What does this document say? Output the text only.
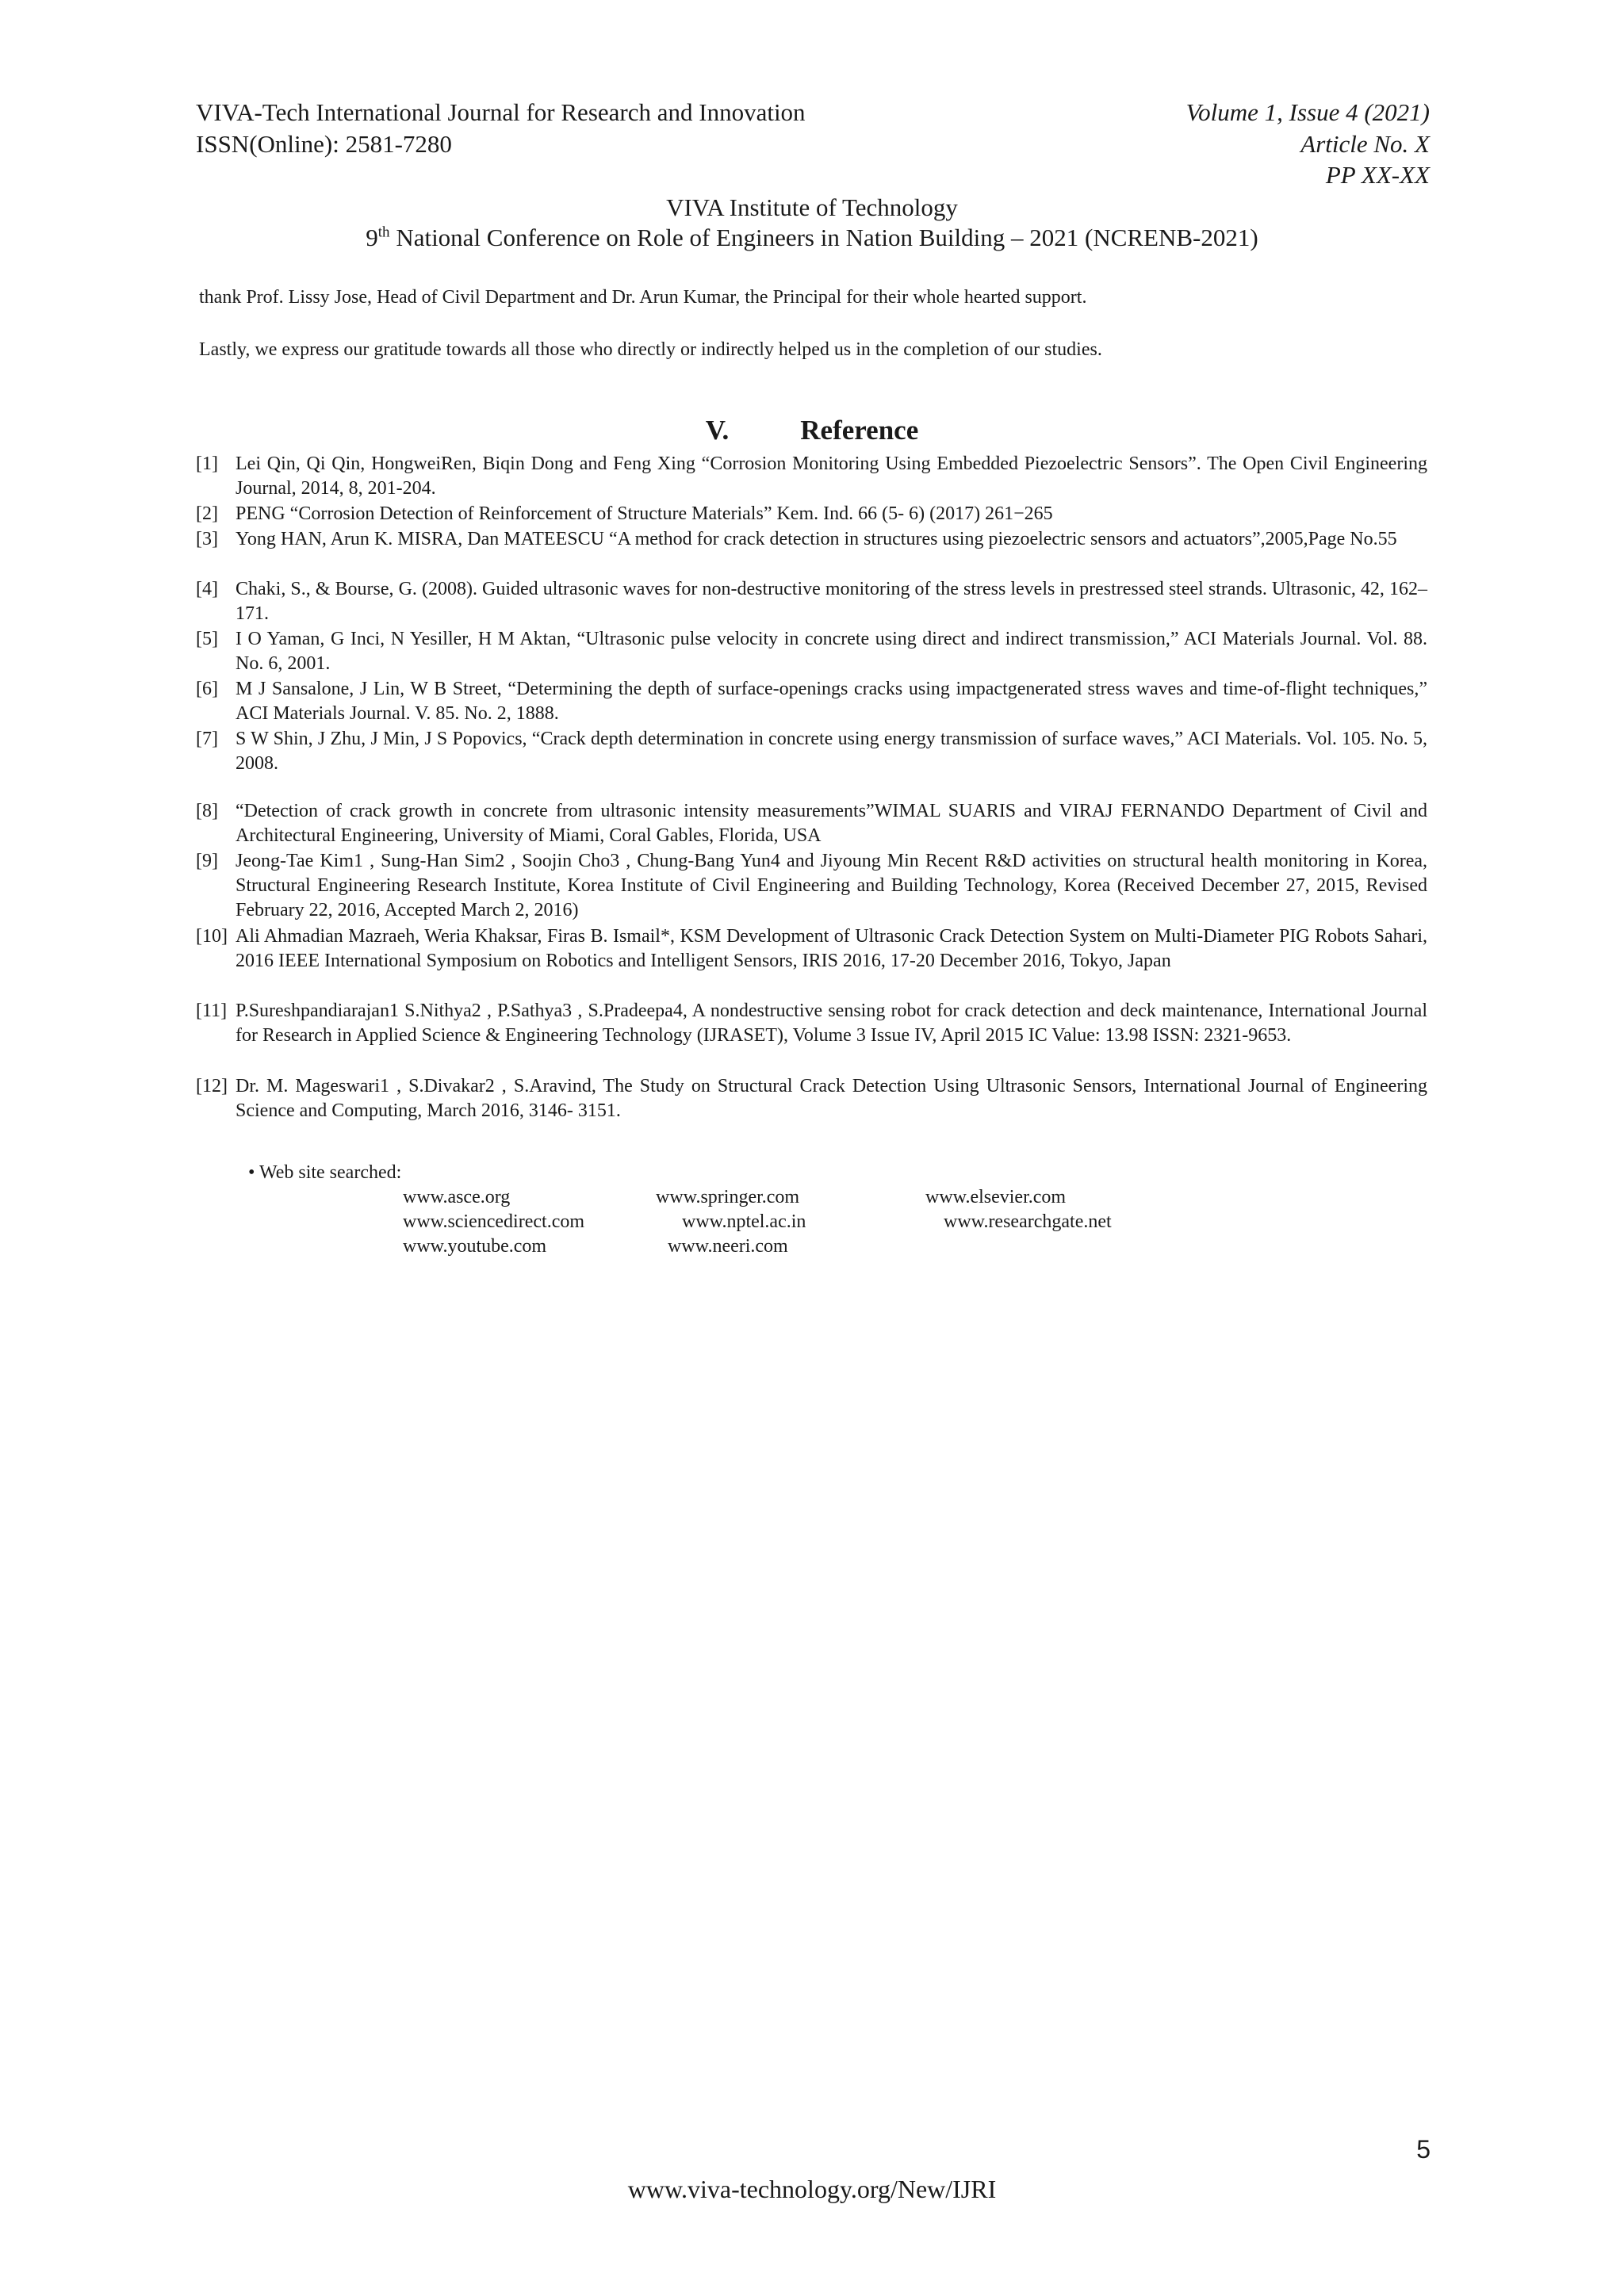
VIVA-Tech International Journal for Research and Innovation
ISSN(Online): 2581-7280
Volume 1, Issue 4 (2021)
Article No. X
PP XX-XX
VIVA Institute of Technology
9th National Conference on Role of Engineers in Nation Building – 2021 (NCRENB-2021)
thank Prof. Lissy Jose, Head of Civil Department and Dr. Arun Kumar, the Principal for their whole hearted support.
Lastly, we express our gratitude towards all those who directly or indirectly helped us in the completion of our studies.
V.	Reference
[1] Lei Qin, Qi Qin, HongweiRen, Biqin Dong and Feng Xing “Corrosion Monitoring Using Embedded Piezoelectric Sensors”. The Open Civil Engineering Journal, 2014, 8, 201-204.
[2] PENG “Corrosion Detection of Reinforcement of Structure Materials” Kem. Ind. 66 (5- 6) (2017) 261−265
[3] Yong HAN, Arun K. MISRA, Dan MATEESCU “A method for crack detection in structures using piezoelectric sensors and actuators”,2005,Page No.55
[4] Chaki, S., & Bourse, G. (2008). Guided ultrasonic waves for non-destructive monitoring of the stress levels in prestressed steel strands. Ultrasonic, 42, 162–171.
[5] I O Yaman, G Inci, N Yesiller, H M Aktan, “Ultrasonic pulse velocity in concrete using direct and indirect transmission,” ACI Materials Journal. Vol. 88. No. 6, 2001.
[6] M J Sansalone, J Lin, W B Street, “Determining the depth of surface-openings cracks using impactgenerated stress waves and time-of-flight techniques,” ACI Materials Journal. V. 85. No. 2, 1888.
[7] S W Shin, J Zhu, J Min, J S Popovics, “Crack depth determination in concrete using energy transmission of surface waves,” ACI Materials. Vol. 105. No. 5, 2008.
[8] “Detection of crack growth in concrete from ultrasonic intensity measurements”WIMAL SUARIS and VIRAJ FERNANDO Department of Civil and Architectural Engineering, University of Miami, Coral Gables, Florida, USA
[9] Jeong-Tae Kim1 , Sung-Han Sim2 , Soojin Cho3 , Chung-Bang Yun4 and Jiyoung Min Recent R&D activities on structural health monitoring in Korea, Structural Engineering Research Institute, Korea Institute of Civil Engineering and Building Technology, Korea (Received December 27, 2015, Revised February 22, 2016, Accepted March 2, 2016)
[10] Ali Ahmadian Mazraeh, Weria Khaksar, Firas B. Ismail*, KSM Development of Ultrasonic Crack Detection System on Multi-Diameter PIG Robots Sahari, 2016 IEEE International Symposium on Robotics and Intelligent Sensors, IRIS 2016, 17-20 December 2016, Tokyo, Japan
[11] P.Sureshpandiarajan1 S.Nithya2 , P.Sathya3 , S.Pradeepa4, A nondestructive sensing robot for crack detection and deck maintenance, International Journal for Research in Applied Science & Engineering Technology (IJRASET), Volume 3 Issue IV, April 2015 IC Value: 13.98 ISSN: 2321-9653.
[12] Dr. M. Mageswari1 , S.Divakar2 , S.Aravind, The Study on Structural Crack Detection Using Ultrasonic Sensors, International Journal of Engineering Science and Computing, March 2016, 3146- 3151.
• Web site searched:
www.asce.org	www.springer.com	www.elsevier.com
www.sciencedirect.com	www.nptel.ac.in	www.researchgate.net
www.youtube.com	www.neeri.com
5
www.viva-technology.org/New/IJRI
